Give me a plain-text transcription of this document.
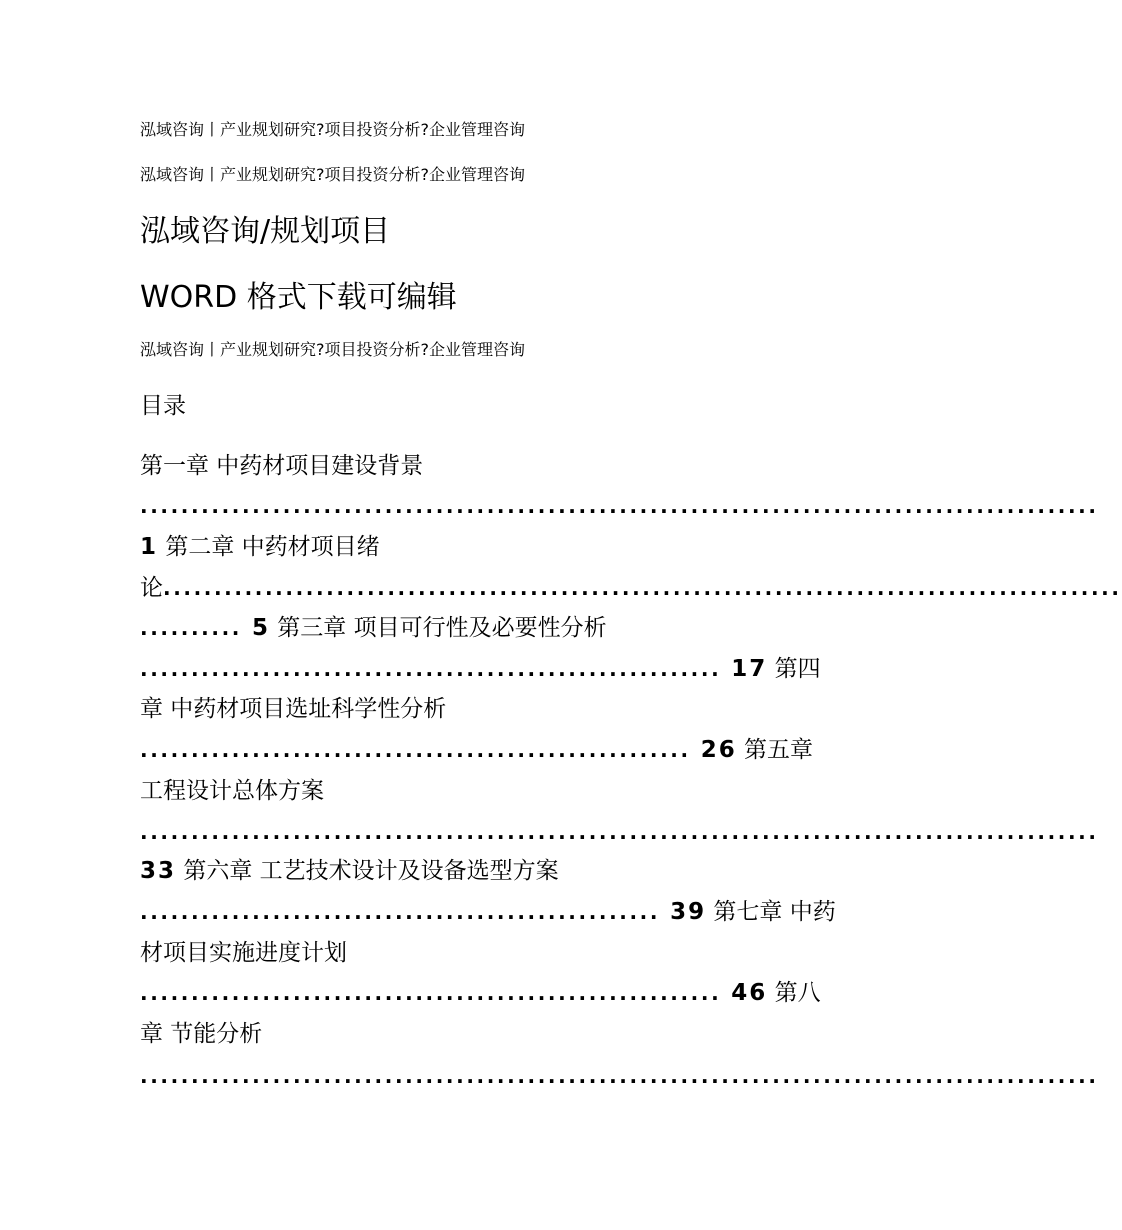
泓域咨询丨产业规划研究?项目投资分析?企业管理咨询
泓域咨询丨产业规划研究?项目投资分析?企业管理咨询
泓域咨询/规划项目
WORD 格式下载可编辑
泓域咨询丨产业规划研究?项目投资分析?企业管理咨询
目录
第一章 中药材项目建设背景
..............................................................................................
1 第二章 中药材项目绪
论..............................................................................................
.......... 5 第三章 项目可行性及必要性分析
......................................................... 17 第四
章 中药材项目选址科学性分析
...................................................... 26 第五章
工程设计总体方案
..............................................................................................
33 第六章 工艺技术设计及设备选型方案
................................................... 39 第七章 中药
材项目实施进度计划
......................................................... 46 第八
章 节能分析
..............................................................................................
